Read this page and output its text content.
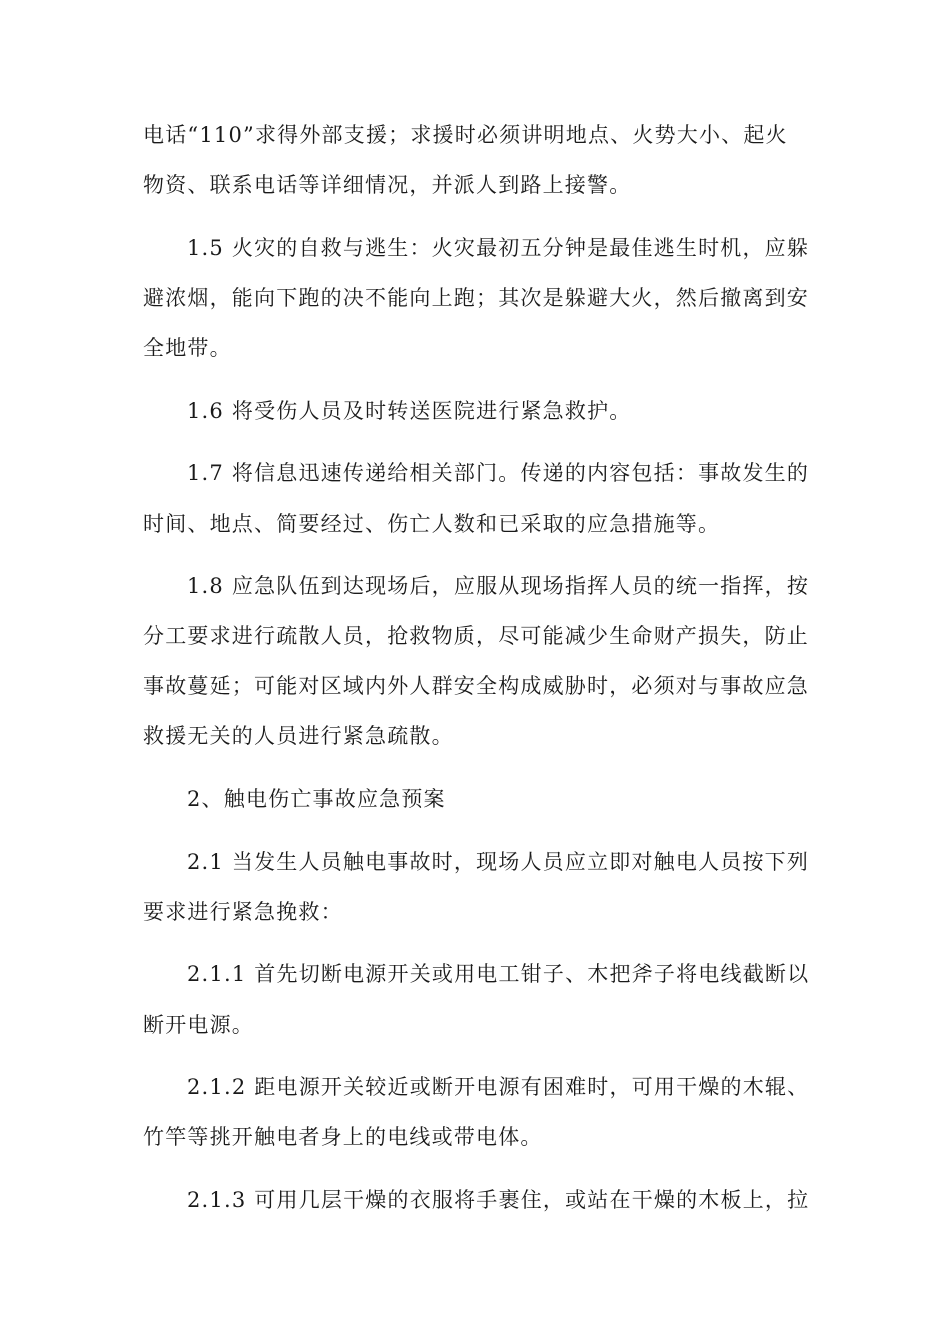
电话“110”求得外部支援；求援时必须讲明地点、火势大小、起火
物资、联系电话等详细情况，并派人到路上接警。
1.5 火灾的自救与逃生：火灾最初五分钟是最佳逃生时机，应躲
避浓烟，能向下跑的决不能向上跑；其次是躲避大火，然后撤离到安
全地带。
1.6 将受伤人员及时转送医院进行紧急救护。
1.7 将信息迅速传递给相关部门。传递的内容包括：事故发生的
时间、地点、简要经过、伤亡人数和已采取的应急措施等。
1.8 应急队伍到达现场后，应服从现场指挥人员的统一指挥，按
分工要求进行疏散人员，抢救物质，尽可能减少生命财产损失，防止
事故蔓延；可能对区域内外人群安全构成威胁时，必须对与事故应急
救援无关的人员进行紧急疏散。
2、触电伤亡事故应急预案
2.1 当发生人员触电事故时，现场人员应立即对触电人员按下列
要求进行紧急挽救：
2.1.1 首先切断电源开关或用电工钳子、木把斧子将电线截断以
断开电源。
2.1.2 距电源开关较近或断开电源有困难时，可用干燥的木辊、
竹竿等挑开触电者身上的电线或带电体。
2.1.3 可用几层干燥的衣服将手裹住，或站在干燥的木板上，拉
